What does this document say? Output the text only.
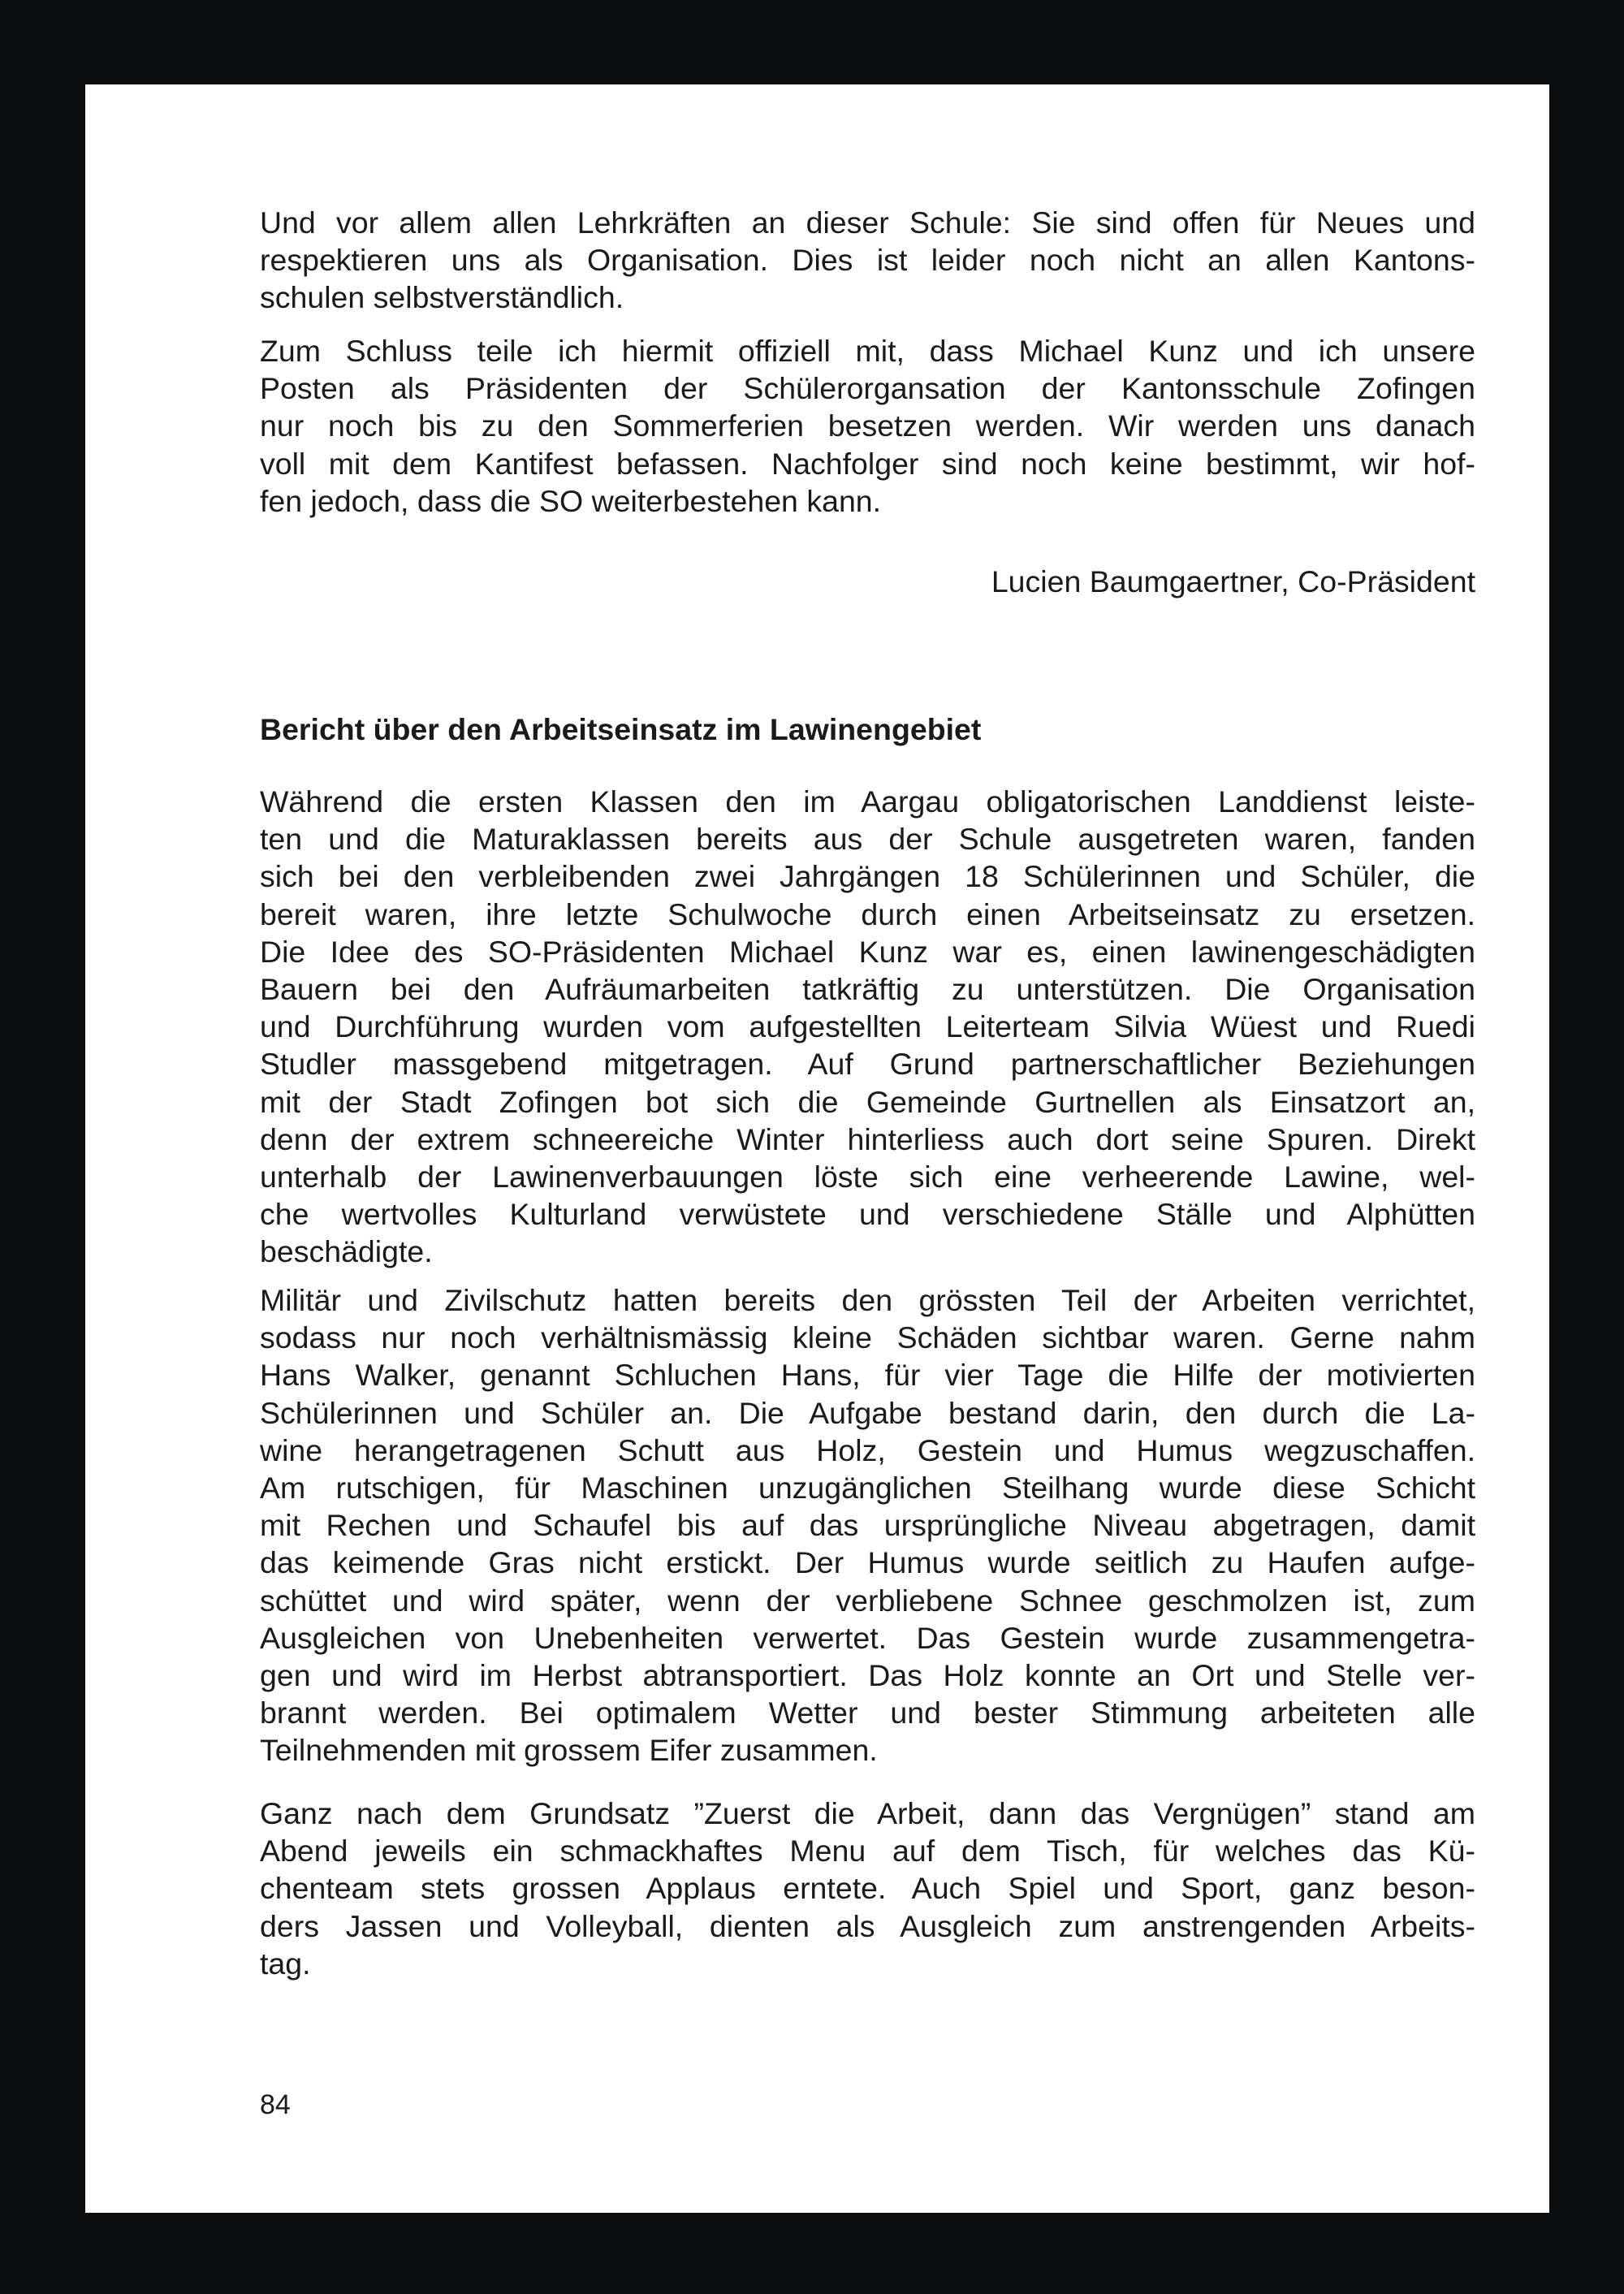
Und vor allem allen Lehrkräften an dieser Schule: Sie sind offen für Neues und
respektieren uns als Organisation. Dies ist leider noch nicht an allen Kantons-
schulen selbstverständlich.
Zum Schluss teile ich hiermit offiziell mit, dass Michael Kunz und ich unsere
Posten als Präsidenten der Schülerorgansation der Kantonsschule Zofingen
nur noch bis zu den Sommerferien besetzen werden. Wir werden uns danach
voll mit dem Kantifest befassen. Nachfolger sind noch keine bestimmt, wir hof-
fen jedoch, dass die SO weiterbestehen kann.
Lucien Baumgaertner, Co-Präsident
Bericht über den Arbeitseinsatz im Lawinengebiet
Während die ersten Klassen den im Aargau obligatorischen Landdienst leiste-
ten und die Maturaklassen bereits aus der Schule ausgetreten waren, fanden
sich bei den verbleibenden zwei Jahrgängen 18 Schülerinnen und Schüler, die
bereit waren, ihre letzte Schulwoche durch einen Arbeitseinsatz zu ersetzen.
Die Idee des SO-Präsidenten Michael Kunz war es, einen lawinengeschädigten
Bauern bei den Aufräumarbeiten tatkräftig zu unterstützen. Die Organisation
und Durchführung wurden vom aufgestellten Leiterteam Silvia Wüest und Ruedi
Studler massgebend mitgetragen. Auf Grund partnerschaftlicher Beziehungen
mit der Stadt Zofingen bot sich die Gemeinde Gurtnellen als Einsatzort an,
denn der extrem schneereiche Winter hinterliess auch dort seine Spuren. Direkt
unterhalb der Lawinenverbauungen löste sich eine verheerende Lawine, wel-
che wertvolles Kulturland verwüstete und verschiedene Ställe und Alphütten
beschädigte.
Militär und Zivilschutz hatten bereits den grössten Teil der Arbeiten verrichtet,
sodass nur noch verhältnismässig kleine Schäden sichtbar waren. Gerne nahm
Hans Walker, genannt Schluchen Hans, für vier Tage die Hilfe der motivierten
Schülerinnen und Schüler an. Die Aufgabe bestand darin, den durch die La-
wine herangetragenen Schutt aus Holz, Gestein und Humus wegzuschaffen.
Am rutschigen, für Maschinen unzugänglichen Steilhang wurde diese Schicht
mit Rechen und Schaufel bis auf das ursprüngliche Niveau abgetragen, damit
das keimende Gras nicht erstickt. Der Humus wurde seitlich zu Haufen aufge-
schüttet und wird später, wenn der verbliebene Schnee geschmolzen ist, zum
Ausgleichen von Unebenheiten verwertet. Das Gestein wurde zusammengetra-
gen und wird im Herbst abtransportiert. Das Holz konnte an Ort und Stelle ver-
brannt werden. Bei optimalem Wetter und bester Stimmung arbeiteten alle
Teilnehmenden mit grossem Eifer zusammen.
Ganz nach dem Grundsatz ”Zuerst die Arbeit, dann das Vergnügen” stand am
Abend jeweils ein schmackhaftes Menu auf dem Tisch, für welches das Kü-
chenteam stets grossen Applaus erntete. Auch Spiel und Sport, ganz beson-
ders Jassen und Volleyball, dienten als Ausgleich zum anstrengenden Arbeits-
tag.
84
